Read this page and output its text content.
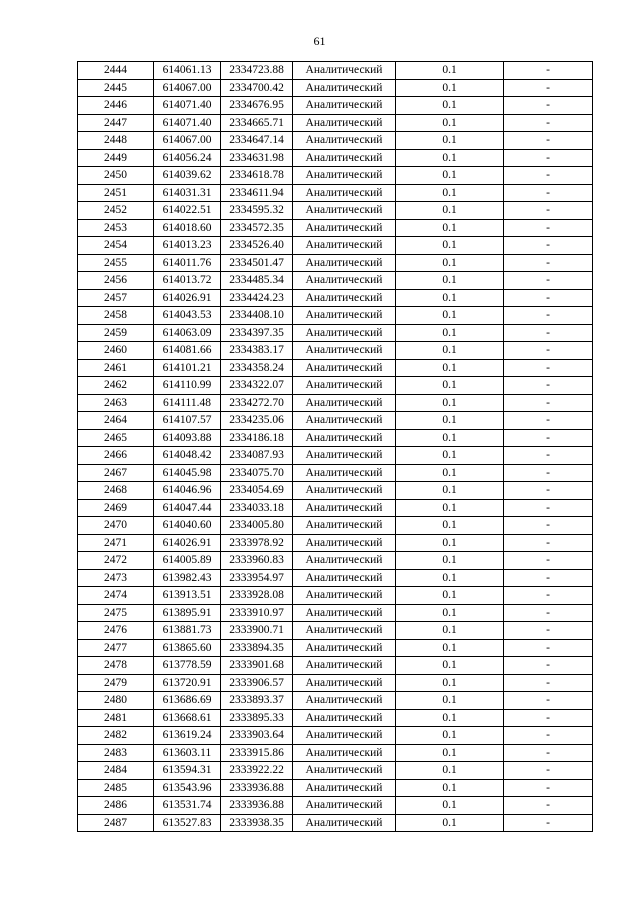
61
2444	614061.13	2334723.88	Аналитический	0.1	-
2445	614067.00	2334700.42	Аналитический	0.1	-
2446	614071.40	2334676.95	Аналитический	0.1	-
2447	614071.40	2334665.71	Аналитический	0.1	-
2448	614067.00	2334647.14	Аналитический	0.1	-
2449	614056.24	2334631.98	Аналитический	0.1	-
2450	614039.62	2334618.78	Аналитический	0.1	-
2451	614031.31	2334611.94	Аналитический	0.1	-
2452	614022.51	2334595.32	Аналитический	0.1	-
2453	614018.60	2334572.35	Аналитический	0.1	-
2454	614013.23	2334526.40	Аналитический	0.1	-
2455	614011.76	2334501.47	Аналитический	0.1	-
2456	614013.72	2334485.34	Аналитический	0.1	-
2457	614026.91	2334424.23	Аналитический	0.1	-
2458	614043.53	2334408.10	Аналитический	0.1	-
2459	614063.09	2334397.35	Аналитический	0.1	-
2460	614081.66	2334383.17	Аналитический	0.1	-
2461	614101.21	2334358.24	Аналитический	0.1	-
2462	614110.99	2334322.07	Аналитический	0.1	-
2463	614111.48	2334272.70	Аналитический	0.1	-
2464	614107.57	2334235.06	Аналитический	0.1	-
2465	614093.88	2334186.18	Аналитический	0.1	-
2466	614048.42	2334087.93	Аналитический	0.1	-
2467	614045.98	2334075.70	Аналитический	0.1	-
2468	614046.96	2334054.69	Аналитический	0.1	-
2469	614047.44	2334033.18	Аналитический	0.1	-
2470	614040.60	2334005.80	Аналитический	0.1	-
2471	614026.91	2333978.92	Аналитический	0.1	-
2472	614005.89	2333960.83	Аналитический	0.1	-
2473	613982.43	2333954.97	Аналитический	0.1	-
2474	613913.51	2333928.08	Аналитический	0.1	-
2475	613895.91	2333910.97	Аналитический	0.1	-
2476	613881.73	2333900.71	Аналитический	0.1	-
2477	613865.60	2333894.35	Аналитический	0.1	-
2478	613778.59	2333901.68	Аналитический	0.1	-
2479	613720.91	2333906.57	Аналитический	0.1	-
2480	613686.69	2333893.37	Аналитический	0.1	-
2481	613668.61	2333895.33	Аналитический	0.1	-
2482	613619.24	2333903.64	Аналитический	0.1	-
2483	613603.11	2333915.86	Аналитический	0.1	-
2484	613594.31	2333922.22	Аналитический	0.1	-
2485	613543.96	2333936.88	Аналитический	0.1	-
2486	613531.74	2333936.88	Аналитический	0.1	-
2487	613527.83	2333938.35	Аналитический	0.1	-
